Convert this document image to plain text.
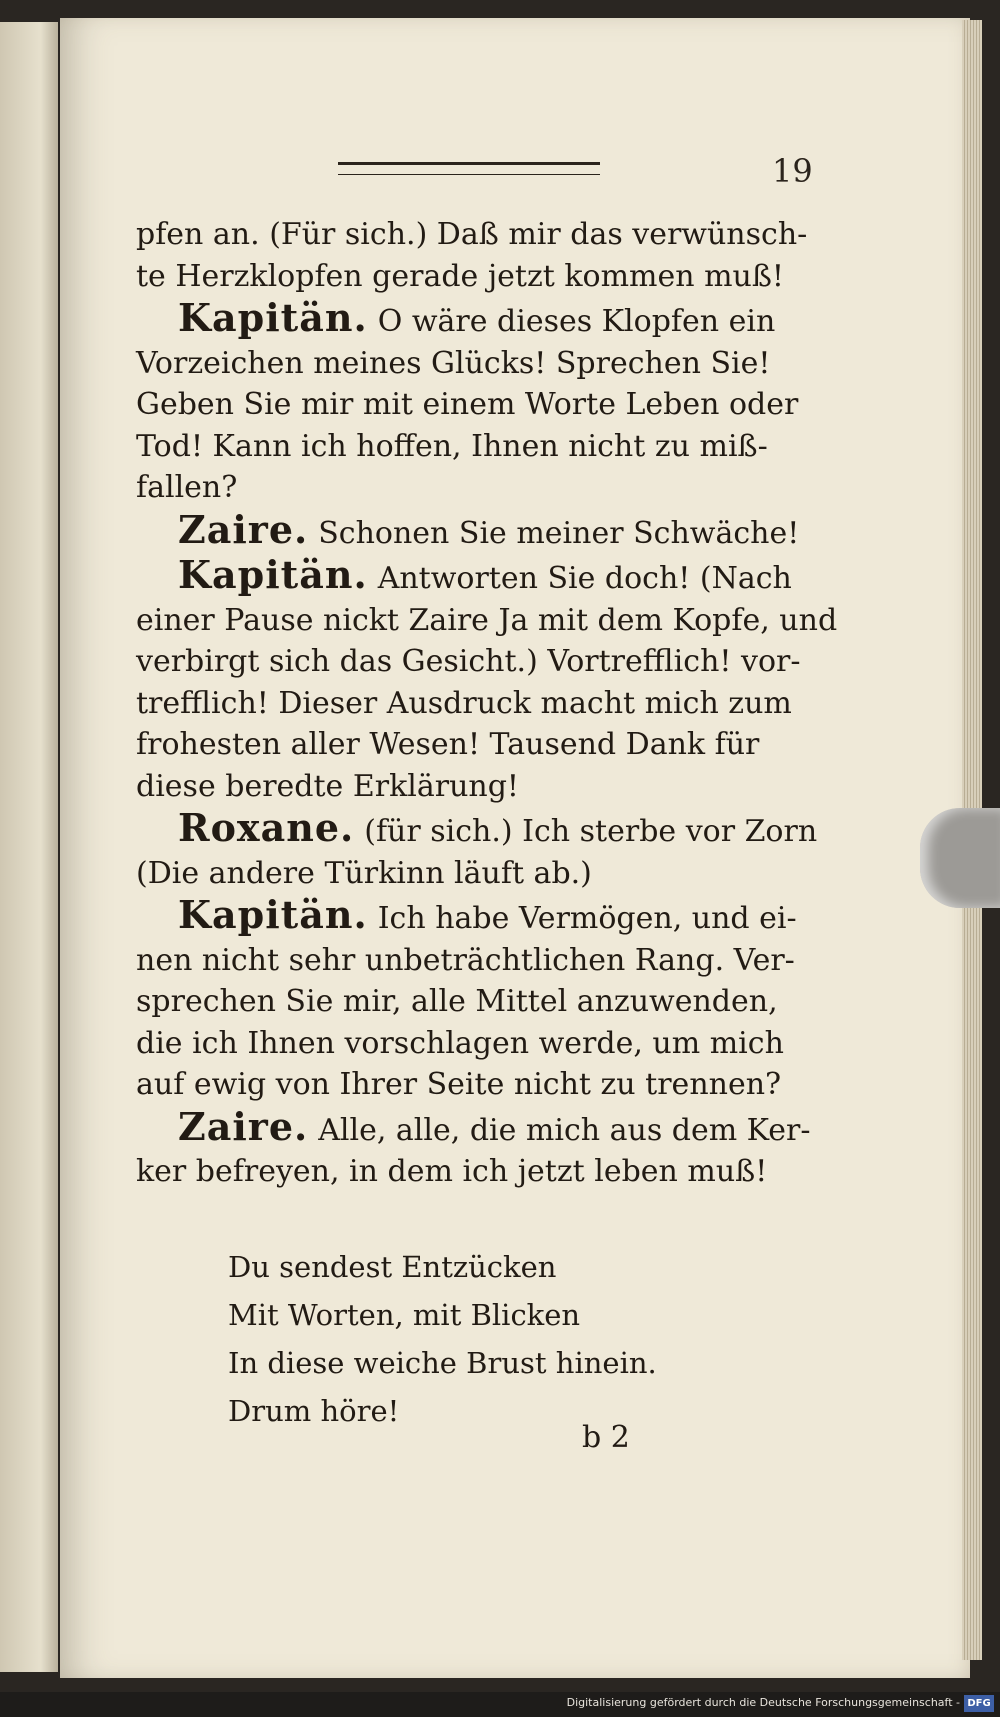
19
pfen an. (Für sich.) Daß mir das verwünsch-
te Herzklopfen gerade jetzt kommen muß!
Kapitän. O wäre dieses Klopfen ein
Vorzeichen meines Glücks! Sprechen Sie!
Geben Sie mir mit einem Worte Leben oder
Tod! Kann ich hoffen, Ihnen nicht zu miß-
fallen?
Zaire. Schonen Sie meiner Schwäche!
Kapitän. Antworten Sie doch! (Nach
einer Pause nickt Zaire Ja mit dem Kopfe, und
verbirgt sich das Gesicht.) Vortrefflich! vor-
trefflich! Dieser Ausdruck macht mich zum
frohesten aller Wesen! Tausend Dank für
diese beredte Erklärung!
Roxane. (für sich.) Ich sterbe vor Zorn
(Die andere Türkinn läuft ab.)
Kapitän. Ich habe Vermögen, und ei-
nen nicht sehr unbeträchtlichen Rang. Ver-
sprechen Sie mir, alle Mittel anzuwenden,
die ich Ihnen vorschlagen werde, um mich
auf ewig von Ihrer Seite nicht zu trennen?
Zaire. Alle, alle, die mich aus dem Ker-
ker befreyen, in dem ich jetzt leben muß!
Du sendest Entzücken
Mit Worten, mit Blicken
In diese weiche Brust hinein.
Drum höre!
b 2
Digitalisierung gefördert durch die Deutsche Forschungsgemeinschaft - DFG
